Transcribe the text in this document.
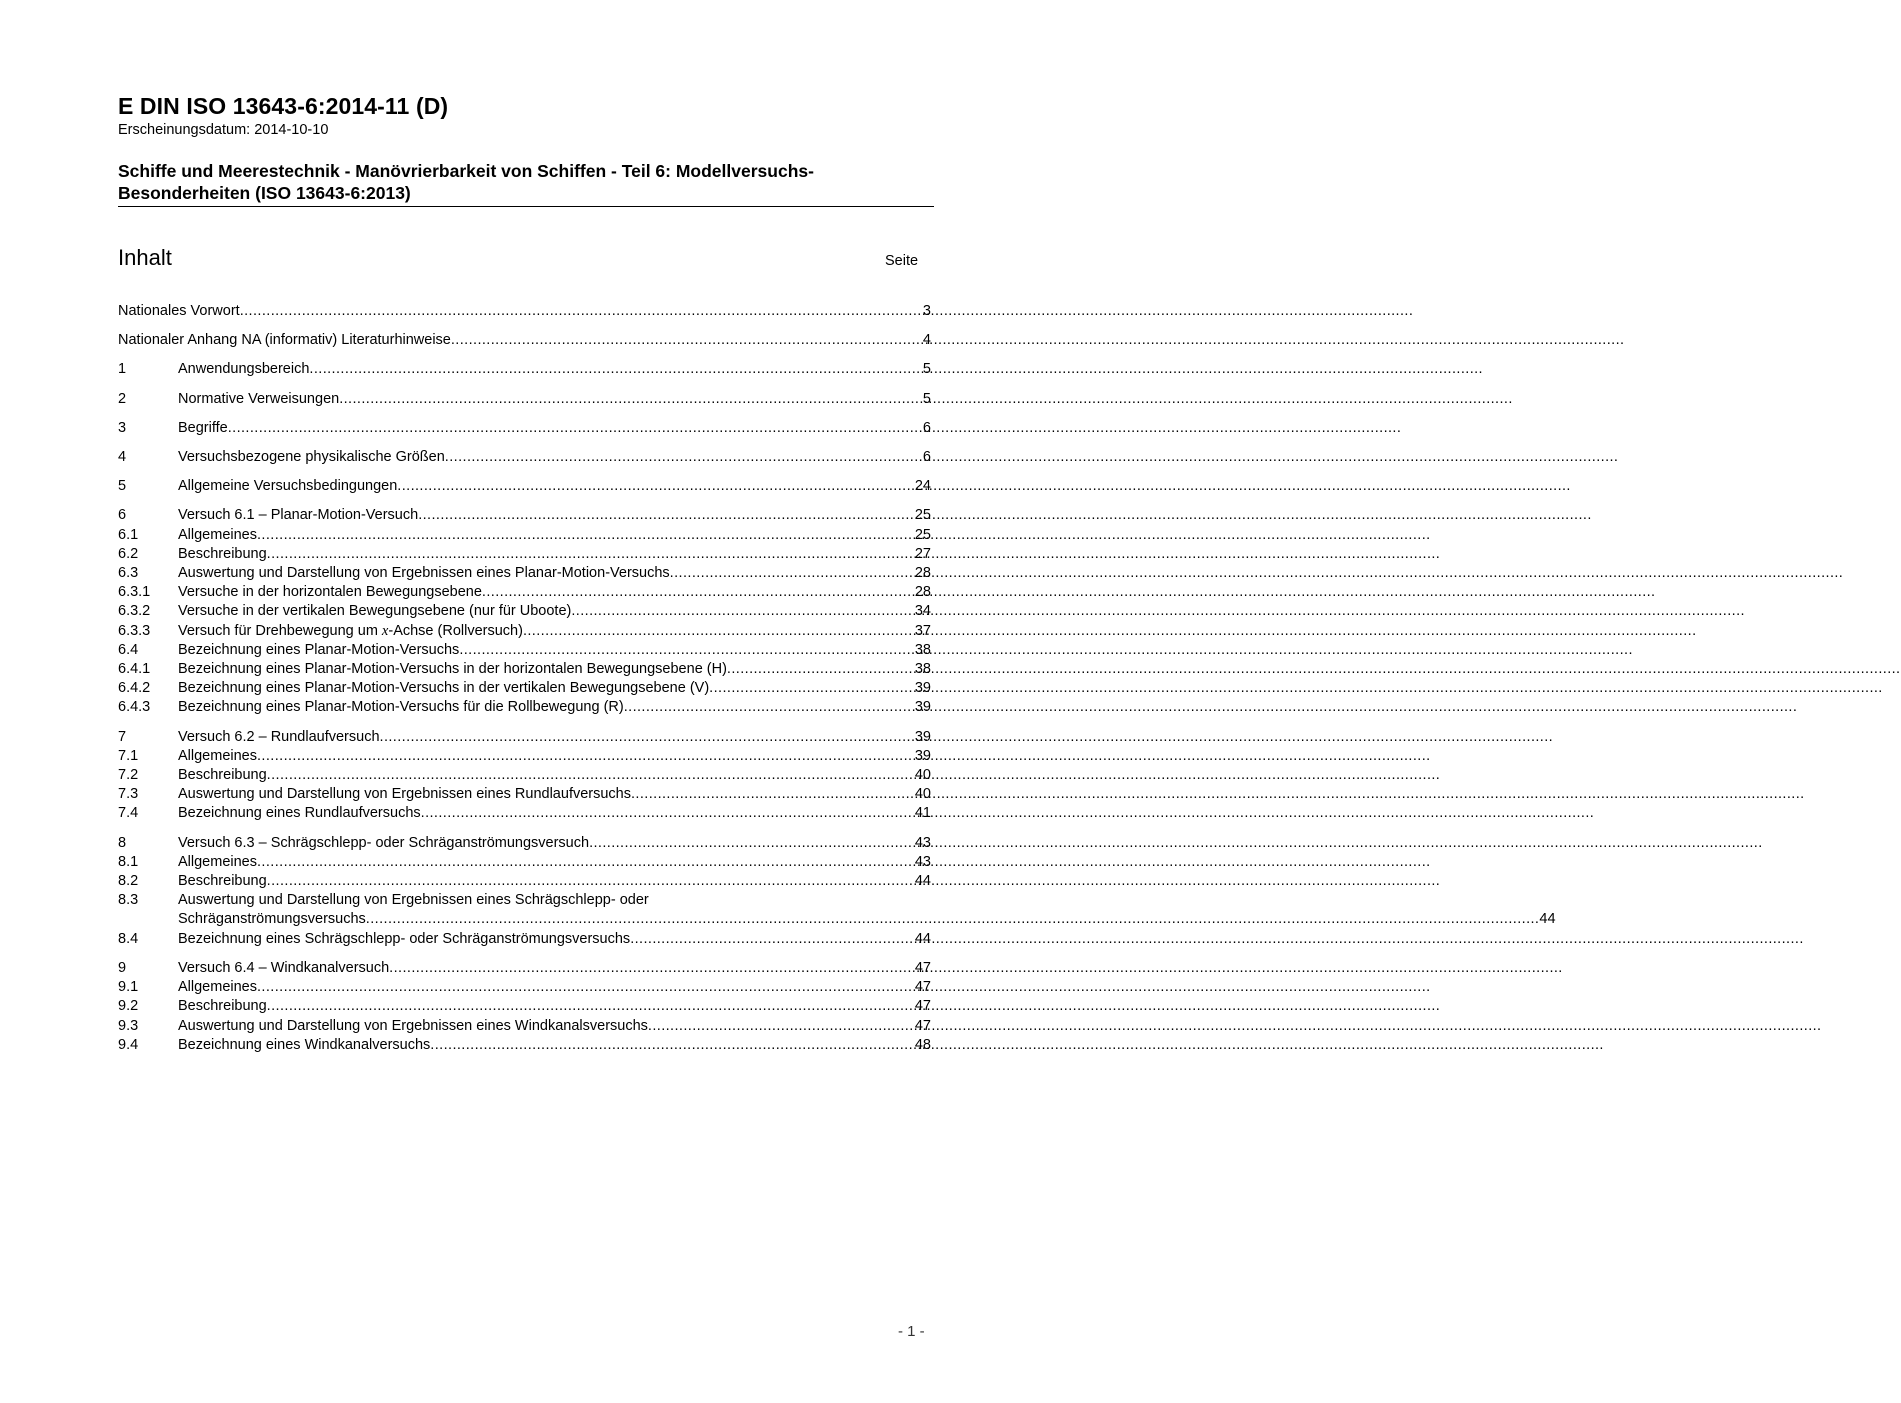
E DIN ISO 13643-6:2014-11 (D)
Erscheinungsdatum: 2014-10-10
Schiffe und Meerestechnik - Manövrierbarkeit von Schiffen - Teil 6: Modellversuchs-Besonderheiten (ISO 13643-6:2013)
Inhalt	Seite
Nationales Vorwort .....	3
Nationaler Anhang NA (informativ) Literaturhinweise .....	4
1	Anwendungsbereich .....	5
2	Normative Verweisungen .....	5
3	Begriffe .....	6
4	Versuchsbezogene physikalische Größen .....	6
5	Allgemeine Versuchsbedingungen .....	24
6	Versuch 6.1 – Planar-Motion-Versuch .....	25
6.1	Allgemeines .....	25
6.2	Beschreibung .....	27
6.3	Auswertung und Darstellung von Ergebnissen eines Planar-Motion-Versuchs .....	28
6.3.1	Versuche in der horizontalen Bewegungsebene .....	28
6.3.2	Versuche in der vertikalen Bewegungsebene (nur für Uboote) .....	34
6.3.3	Versuch für Drehbewegung um x-Achse (Rollversuch) .....	37
6.4	Bezeichnung eines Planar-Motion-Versuchs .....	38
6.4.1	Bezeichnung eines Planar-Motion-Versuchs in der horizontalen Bewegungsebene (H) .....	38
6.4.2	Bezeichnung eines Planar-Motion-Versuchs in der vertikalen Bewegungsebene (V) .....	39
6.4.3	Bezeichnung eines Planar-Motion-Versuchs für die Rollbewegung (R) .....	39
7	Versuch 6.2 – Rundlaufversuch .....	39
7.1	Allgemeines .....	39
7.2	Beschreibung .....	40
7.3	Auswertung und Darstellung von Ergebnissen eines Rundlaufversuchs .....	40
7.4	Bezeichnung eines Rundlaufversuchs .....	41
8	Versuch 6.3 – Schrägschlepp- oder Schräganströmungsversuch .....	43
8.1	Allgemeines .....	43
8.2	Beschreibung .....	44
8.3	Auswertung und Darstellung von Ergebnissen eines Schrägschlepp- oder
Schräganströmungsversuchs .....	44
8.4	Bezeichnung eines Schrägschlepp- oder Schräganströmungsversuchs .....	44
9	Versuch 6.4 – Windkanalversuch .....	47
9.1	Allgemeines .....	47
9.2	Beschreibung .....	47
9.3	Auswertung und Darstellung von Ergebnissen eines Windkanalsversuchs .....	47
9.4	Bezeichnung eines Windkanalversuchs .....	48
- 1 -
